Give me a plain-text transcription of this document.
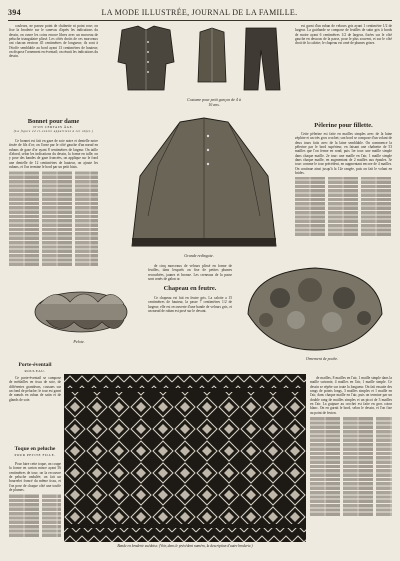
394	LA MODE ILLUSTRÉE, JOURNAL DE LA FAMILLE.

couleurs, ne passez point de chaînette ni point rose; on fixe la broderie sur le canevas d'après les indications du dessin, on ouvre les coins encore libres avec un morceau de peluche triangulaire plissé. Les côtés droits de ces morceaux ont chacun environ 45 centimètres de longueur; ils sont à l'étoffe semblable au bord ayant 13 centimètres de hauteur; on dispose l'ornement en éventail; on réunit les indications du dessin.

Bonnet pour dame
D'UN CERTAIN ÂGE.
(La figure 24 ci-contre appartient à cet objet.)

Ce bonnet est fait en gaze de soie noire et dentelle noire tissée de fils d'or; on l'orne par le côté gauche d'un nœud en rubans de gaze d'or ayant 8 centimètres de largeur. On taille d'abord, selon les indications du dessin, la forme en tulle; on y pose des bandes de gaze froncées, on applique sur le fond une dentelle de 12 centimètres de hauteur, on ajoute les rubans, et l'on termine le bord par un petit biais.

Costume pour petit garçon de 4 à 10 ans.

est garni d'un ruban de velours gris ayant 1 centimètre 1/2 de largeur. La guirlande se compose de feuilles de satin gris à bords de moire ayant 6 centimètres 1/2 de largeur, fixées sur le côté gauche en dessous de la passe, pour le plus souvent, et sur le côté droit de la calotte; le chapeau est orné de plumes grises.

Pèlerine pour fillette.

Cette pèlerine est faite en mailles simples avec de la laine zéphire et un très gros crochet; son bord se compose d'un volant de deux tours faits avec de la laine semblable. On commence la pèlerine par le bord supérieur, en faisant une chaînette de 53 mailles que l'on ferme en rond; puis 1er tour: une maille simple dans chaque maille. 2e tour: une maille en l'air, 1 maille simple dans chaque maille, en augmentant de 2 mailles aux épaules. 3e tour: comme le tour précédent, en augmentant encore de 4 mailles. On continue ainsi jusqu'à la 12e rangée, puis on fait le volant en brides.

Grande redingote.
Pelote.

de cinq morceaux de velours plissé en forme de feuilles, dans lesquels on fixe de petites plumes recourbées, jaunes et bronze. Les creneaux de la passe sont ornés de galon or.

Chapeau en feutre.

Ce chapeau est fait en feutre gris. La calotte a 15 centimètres de hauteur, la passe 7 centimètres 1/2 de largeur; elle est recouverte d'une bande de velours gris, et un nœud de ruban est posé sur le devant.

Ornement de poche.
Porte-éventail
ROULEAU.

Ce porte-éventail se compose de médailles en tissu de soie, de différentes grandeurs, cousues sur un fond de peluche; le tour est garni de nœuds en ruban de satin et de glands de soie.

Toque en peluche
POUR PETITE FILLE.

Pour faire cette toque, on coupe la forme en carton mince ayant 56 centimètres de tour; on la recouvre de peluche ondulée; on fait un bourrelet froncé du même tissu, et l'on pose de chaque côté une touffe de plumes.

Bande en broderie suédoise. (Voir, dans le précédent numéro, la description d'autre broderie.)

de mailles, 8 mailles en l'air, 1 maille simple dans la maille suivante, 4 mailles en l'air, 1 maille simple. Ce dessin se répète sur toute la longueur. On fait ensuite des rangs de points longs, 3 mailles simples et 1 maille en l'air, dans chaque maille en l'air, puis on termine par un double rang de mailles simples et un picot de 3 mailles en l'air. La guipure au crochet est faite en gros coton blanc. On en garnit le bord, selon le dessin, et l'on fixe au point de feston.
